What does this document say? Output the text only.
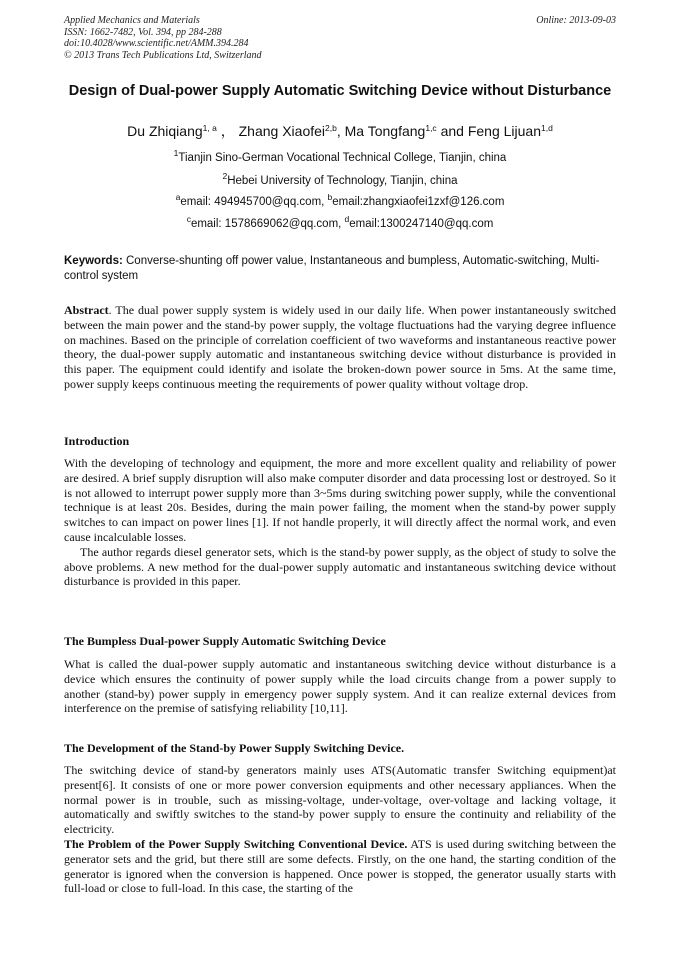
Applied Mechanics and Materials
ISSN: 1662-7482, Vol. 394, pp 284-288
doi:10.4028/www.scientific.net/AMM.394.284
© 2013 Trans Tech Publications Ltd, Switzerland
Online: 2013-09-03
Design of Dual-power Supply Automatic Switching Device without Disturbance
Du Zhiqiang$^{1, a}$ ， Zhang Xiaofei$^{2,b}$, Ma Tongfang$^{1,c}$ and Feng Lijuan$^{1,d}$
$^1$Tianjin Sino-German Vocational Technical College, Tianjin, china
$^2$Hebei University of Technology, Tianjin, china
$^a$email: 494945700@qq.com, $^b$email:zhangxiaofei1zxf@126.com
$^c$email: 1578669062@qq.com, $^d$email:1300247140@qq.com
Keywords: Converse-shunting off power value, Instantaneous and bumpless, Automatic-switching, Multi-control system

Abstract. The dual power supply system is widely used in our daily life. When power instantaneously switched between the main power and the stand-by power supply, the voltage fluctuations had the varying degree influence on machines. Based on the principle of correlation coefficient of two waveforms and instantaneous reactive power theory, the dual-power supply automatic and instantaneous switching device without disturbance is provided in this paper. The equipment could identify and isolate the broken-down power source in 5ms. At the same time, power supply keeps continuous meeting the requirements of power quality without voltage drop.

Introduction

With the developing of technology and equipment, the more and more excellent quality and reliability of power are desired. A brief supply disruption will also make computer disorder and data processing lost or destroyed. So it is not allowed to interrupt power supply more than 3~5ms during switching power supply, while the conventional technique is at least 20s. Besides, during the main power failing, the moment when the stand-by power supply switches to can impact on power lines [1]. If not handle properly, it will directly affect the normal work, and even cause incalculable losses.

The author regards diesel generator sets, which is the stand-by power supply, as the object of study to solve the above problems. A new method for the dual-power supply automatic and instantaneous switching device without disturbance is provided in this paper.

The Bumpless Dual-power Supply Automatic Switching Device

What is called the dual-power supply automatic and instantaneous switching device without disturbance is a device which ensures the continuity of power supply while the load circuits change from a power supply to another (stand-by) power supply in emergency power supply system. And it can realize external devices from interference on the premise of satisfying reliability [10,11].

The Development of the Stand-by Power Supply Switching Device.

The switching device of stand-by generators mainly uses ATS(Automatic transfer Switching equipment)at present[6]. It consists of one or more power conversion equipments and other necessary appliances. When the normal power is in trouble, such as missing-voltage, under-voltage, over-voltage and lacking voltage, it automatically and swiftly switches to the stand-by power supply to ensure the continuity and reliability of the electricity.

The Problem of the Power Supply Switching Conventional Device. ATS is used during switching between the generator sets and the grid, but there still are some defects. Firstly, on the one hand, the starting condition of the generator is ignored when the conversion is happened. Once power is stopped, the generator usually starts with full-load or close to full-load. In this case, the starting of the
